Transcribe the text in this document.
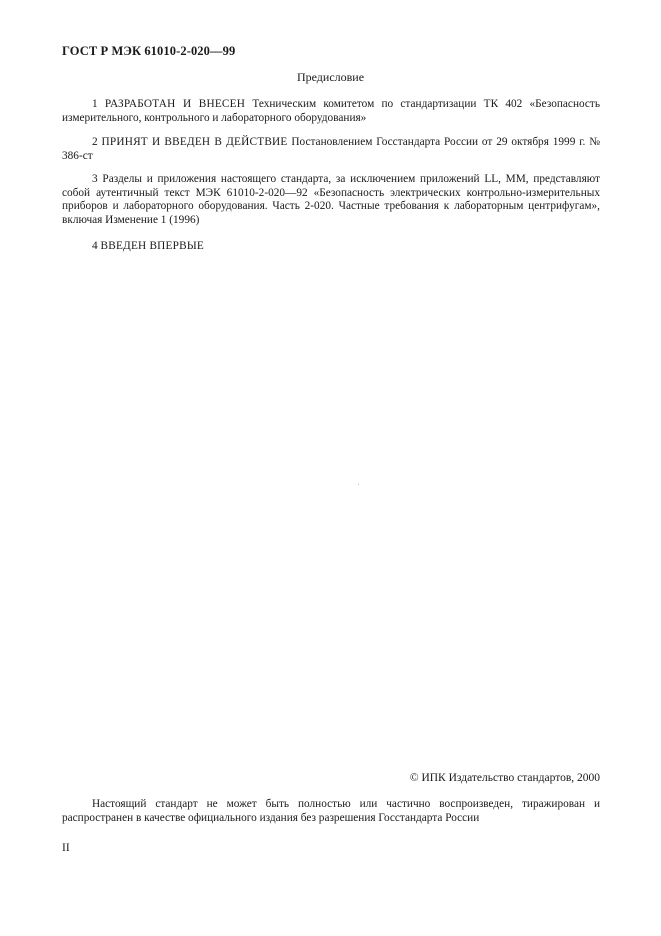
ГОСТ Р МЭК 61010-2-020—99
Предисловие
1 РАЗРАБОТАН И ВНЕСЕН Техническим комитетом по стандартизации ТК 402 «Безопасность измерительного, контрольного и лабораторного оборудования»
2 ПРИНЯТ И ВВЕДЕН В ДЕЙСТВИЕ Постановлением Госстандарта России от 29 октября 1999 г. № 386-ст
3 Разделы и приложения настоящего стандарта, за исключением приложений LL, MM, представляют собой аутентичный текст МЭК 61010-2-020—92 «Безопасность электрических контрольно-измерительных приборов и лабораторного оборудования. Часть 2-020. Частные требования к лабораторным центрифугам», включая Изменение 1 (1996)
4 ВВЕДЕН ВПЕРВЫЕ
© ИПК Издательство стандартов, 2000
Настоящий стандарт не может быть полностью или частично воспроизведен, тиражирован и распространен в качестве официального издания без разрешения Госстандарта России
II
